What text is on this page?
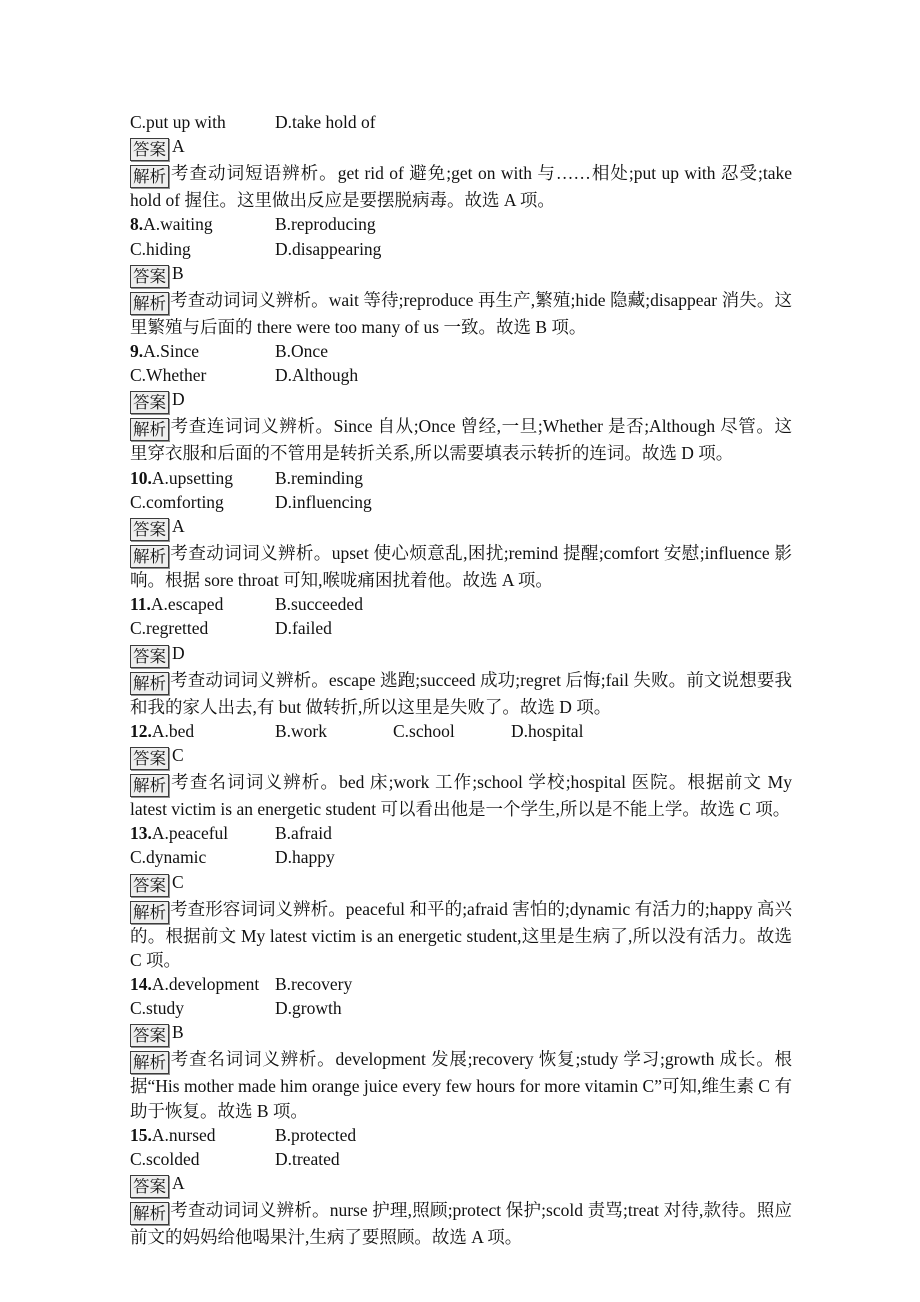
C.put up with	D.take hold of
答案 A

解析 考查动词短语辨析。get rid of 避免;get on with 与……相处;put up with 忍受;take hold of 握住。这里做出反应是要摆脱病毒。故选 A 项。

8.A.waiting	B.reproducing
C.hiding	D.disappearing
答案 B

解析 考查动词词义辨析。wait 等待;reproduce 再生产,繁殖;hide 隐藏;disappear 消失。这里繁殖与后面的 there were too many of us 一致。故选 B 项。

9.A.Since	B.Once
C.Whether	D.Although
答案 D

解析 考查连词词义辨析。Since 自从;Once 曾经,一旦;Whether 是否;Although 尽管。这里穿衣服和后面的不管用是转折关系,所以需要填表示转折的连词。故选 D 项。

10.A.upsetting	B.reminding
C.comforting	D.influencing
答案 A

解析 考查动词词义辨析。upset 使心烦意乱,困扰;remind 提醒;comfort 安慰;influence 影响。根据 sore throat 可知,喉咙痛困扰着他。故选 A 项。

11.A.escaped	B.succeeded
C.regretted	D.failed
答案 D

解析 考查动词词义辨析。escape 逃跑;succeed 成功;regret 后悔;fail 失败。前文说想要我和我的家人出去,有 but 做转折,所以这里是失败了。故选 D 项。

12.A.bed	B.work	C.school	D.hospital
答案 C

解析 考查名词词义辨析。bed 床;work 工作;school 学校;hospital 医院。根据前文 My latest victim is an energetic student 可以看出他是一个学生,所以是不能上学。故选 C 项。

13.A.peaceful	B.afraid
C.dynamic	D.happy
答案 C

解析 考查形容词词义辨析。peaceful 和平的;afraid 害怕的;dynamic 有活力的;happy 高兴的。根据前文 My latest victim is an energetic student,这里是生病了,所以没有活力。故选 C 项。

14.A.development B.recovery
C.study	D.growth
答案 B

解析 考查名词词义辨析。development 发展;recovery 恢复;study 学习;growth 成长。根据“His mother made him orange juice every few hours for more vitamin C”可知,维生素 C 有助于恢复。故选 B 项。

15.A.nursed	B.protected
C.scolded	D.treated
答案 A

解析 考查动词词义辨析。nurse 护理,照顾;protect 保护;scold 责骂;treat 对待,款待。照应前文的妈妈给他喝果汁,生病了要照顾。故选 A 项。
